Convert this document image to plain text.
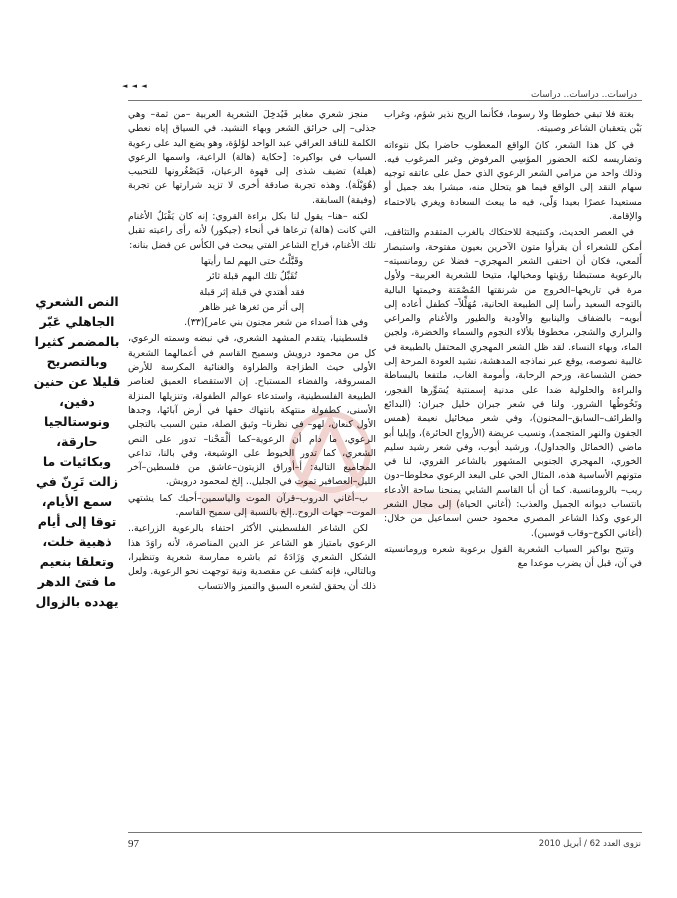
دراسات.. دراسات.. دراسات
◄ ◄ ◄

بغتة فلا تبقي خطوطا ولا رسوما، فكأنما الريح نذير شؤم، وغراب بَيْن يتعقبان الشاعر وصبيته.

في كل هذا الشعر، كانَ الواقع المعطوب حاضرا بكل نتوءاته وتضاريسه لكنه الحضور المؤسِي المرفوض وغير المرغوب فيه. وذلك واحد من مرامي الشعر الرعوي الذي حمل على عاتقه توجيه سهام النقد إلى الواقع فيما هو يتحلل منه، مبشرا بغد جميل أو مستعيدا عصرًا بعيدا وَلّى، فيه ما يبعث السعادة ويغري بالاحتماء والإقامة.

في العصر الحديث، وكنتيجة للاحتكاك بالغرب المتقدم والتثاقف، أمكن للشعراء أن يقرأوا متون الآخرين بعيون مفتوحة، واستبصار أَلمعي، فكان أن احتفى الشعر المهجري– فضلا عن رومانسيته– بالرعوية مستبطنا رؤيتها ومخيالها، متيحا للشعرية العربية– ولأول مرة في تاريخها–الخروج من شرنقتها المُصْمَتة وخيمتها البالية بالتوجه السعيد رأسا إلى الطبيعة الحانية، مُهَلِّلاً– كطفل أعاده إلى أبويه– بالضفاف والينابيع والأودية والطيور والأغنام والمراعي والبراري والشجر، مخطوفا بلألاء النجوم والسماء والخضرة، ولجين الماء، وبهاء النساء. لقد ظل الشعر المهجري المحتفل بالطبيعة في غالبية نصوصه، يوقع عبر نماذجه المدهشة، نشيد العودة المرحة إلى حضن الشساعة، ورحم الرحابة، وأمومة الغاب، ملتفعا بالبساطة والبراءة والحلولية ضدا على مدنية إسمنتية يُسَوِّرها الفجور، وتَخُوطُها الشرور. ولنا في شعر جبران خليل جبران: (البدائع والطرائف–السابق–المجنون)، وفي شعر ميخائيل نعيمة (همس الجفون والنهر المتجمد)، ونسيب عريضة (الأرواح الحائرة)، وإيليا أبو ماضي (الخمائل والجداول)، ورشيد أيوب، وفي شعر رشيد سليم الخوري، المهجري الجنوبي المشهور بالشاعر القروي، لنا في متونهم الأساسية هذه، المثال الحي على البعد الرعوي مخلوطا–دون ريب– بالرومانسية. كما أن أبا القاسم الشابي يمنحنا ساحة الأدعاء بانتساب ديوانه الجميل والعذب: (أغاني الحياة) إلى مجال الشعر الرعوي وكذا الشاعر المصري محمود حسن اسماعيل من خلال: (أغاني الكوخ–وقاب قوسين).

وتتيح بواكير السياب الشعرية القول برعوية شعره ورومانسيته في آن، قبل أن يضرب موعدا مع

منجز شعري مغاير فَيُدخِلَ الشعرية العربية –من ثمة– وهي جذلى– إلى حرائق الشعر وبهاء النشيد. في السياق إياه نعطي الكلمة للناقد العراقي عبد الواحد لؤلؤة، وهو يضع اليد على رعوية السياب في بواكيره: [حكاية (هالة) الراعية، واسمها الرعوي (هيلة) تضيف شذى إلى قهوة الرعيان، فَيَصْغُرونها للتحبيب (هُوَيْلَة). وهذه تجربة صادقة أخرى لا تزيد شرارتها عن تجربة (وفيقة) السابقة.

لكنه –هنا– يقول لنا بكل براءة القروي: إنه كان يَقْبَلُ الأغنام التي كانت (هالة) ترعاها في أنحاء (جيكور) لأنه رأى راعيته تقبل تلك الأغنام، فراح الشاعر الفتي يبحث في الكأس عن فضل بنانه:

وقَبَّلْتُ حتى البهم لما رأيتها

تُقَبِّلُ تلك البهم قبلة ثائر

فقد أهتدي في قبلة إثر قبلة

إلى أثر من ثغرها غير ظاهر

وفي هذا أصداء من شعر مجنون بني عامر](٣٣).

فلسطينيا، يتقدم المشهد الشعري، في نبضه وسمته الرعوي، كل من محمود درويش وسميح القاسم في أعمالهما الشعرية الأولى حيث الطزاجة والطراوة والغنائية المكرسة للأرض المسروقة، والفضاء المستباح. إن الاستقصاء العميق لعناصر الطبيعة الفلسطينية، واستدعاء عوالم الطفولة، وتنزيلها المنزلة الأسنى، كطفولة منتهكة بانتهاك حقها في أرض آبائها، وجدها الأول كنعان، لهو– في نظرنا– وثيق الصلة، متين السبب بالتجلي الرعوي، ما دام أن الرعوية–كما ألْمَحْنا– تدور على النص الشعري، كما تدور الخيوط على الوشيعة، وفي بالنا، تداعي المجاميع التالية: أ–أوراق الزيتون–عاشق من فلسطين–آخر الليل–العصافير تموت في الجليل.. إلخ لمحمود درويش.

ب–أغاني الدروب–قرآن الموت والياسمين–أحبك كما يشتهي الموت– جهات الروح..إلخ بالنسبة إلى سميح القاسم.

لكن الشاعر الفلسطيني الأكثر احتفاء بالرعوية الزراعية.. الرعوي بامتياز هو الشاعر عز الدين المناصرة، لأنه راوَدَ هذا الشكل الشعري وَزَادَهُ ثم باشره ممارسة شعرية وتنظيرا، وبالتالي، فإنه كشف عن مقصدية ونية توجهت نحو الرعوية. ولعل ذلك أن يحقق لشعره السبق والتميز والانتساب

النص الشعري الجاهلي عَبّر بالمضمر كثيرا وبالتصريح قليلا عن حنين دفين، ونوستالجيا حارقة، وبكائيات ما زالت تَرِنّ في سمع الأيام، توقا إلى أيام ذهبية خلت، وتعلقا بنعيم ما فتئ الدهر يهدده بالزوال
97	نزوى العدد 62 / أبريل 2010
